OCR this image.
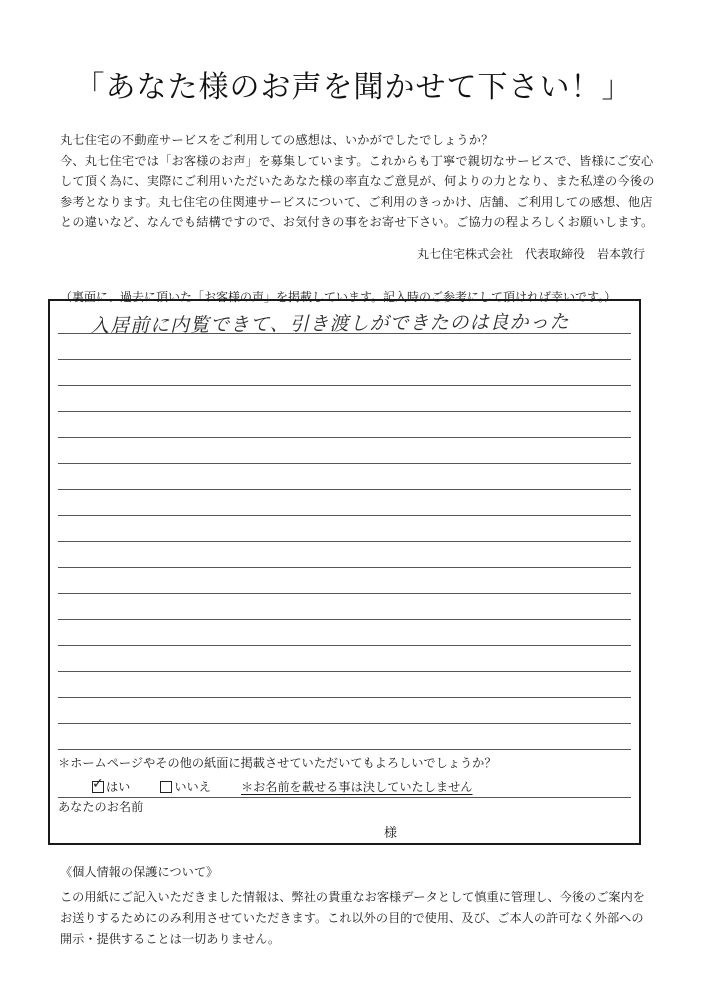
「あなた様のお声を聞かせて下さい！」

丸七住宅の不動産サービスをご利用しての感想は、いかがでしたでしょうか？

今、丸七住宅では「お客様のお声」を募集しています。これからも丁寧で親切なサービスで、皆様にご安心

して頂く為に、実際にご利用いただいたあなた様の率直なご意見が、何よりの力となり、また私達の今後の

参考となります。丸七住宅の住関連サービスについて、ご利用のきっかけ、店舗、ご利用しての感想、他店

との違いなど、なんでも結構ですので、お気付きの事をお寄せ下さい。ご協力の程よろしくお願いします。

丸七住宅株式会社　代表取締役　岩本敦行
（裏面に、過去に頂いた「お客様の声」を掲載しています。記入時のご参考にして頂ければ幸いです。）
入居前に内覧できて、引き渡しができたのは良かった
＊ホームページやその他の紙面に掲載させていただいてもよろしいでしょうか？
✓ はい	いいえ ＊お名前を載せる事は決していたしません
あなたのお名前
様

《個人情報の保護について》

この用紙にご記入いただきました情報は、弊社の貴重なお客様データとして慎重に管理し、今後のご案内を

お送りするためにのみ利用させていただきます。これ以外の目的で使用、及び、ご本人の許可なく外部への

開示・提供することは一切ありません。
